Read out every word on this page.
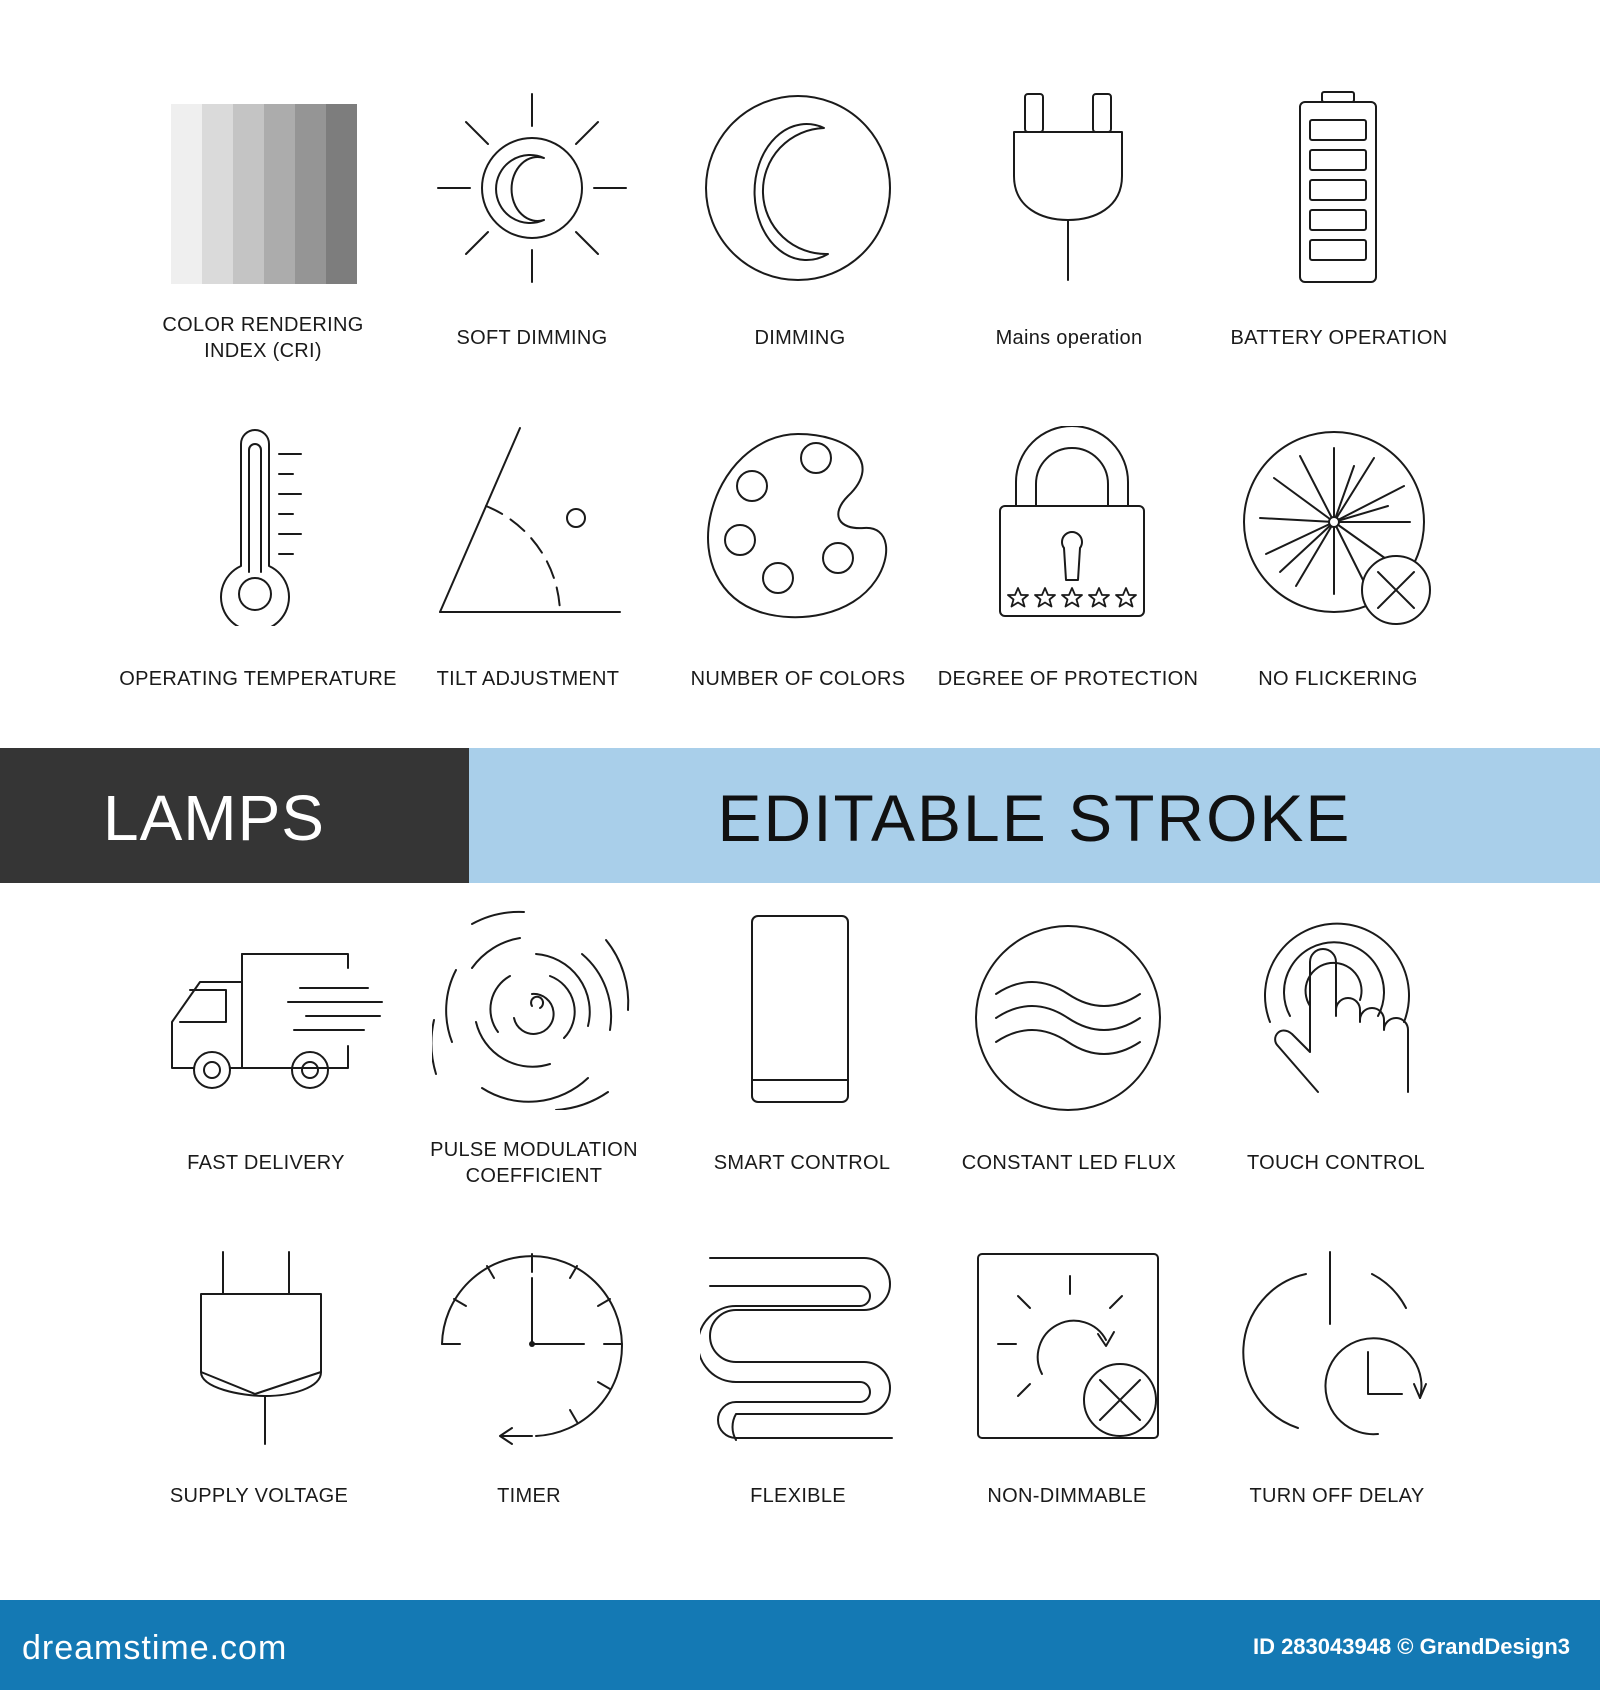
COLOR RENDERING
INDEX (CRI)
SOFT DIMMING	DIMMING	Mains operation	BATTERY OPERATION
OPERATING TEMPERATURE	TILT ADJUSTMENT	NUMBER OF COLORS	DEGREE OF PROTECTION	NO FLICKERING
LAMPS	EDITABLE STROKE
FAST DELIVERY
PULSE MODULATION
COEFFICIENT
SMART CONTROL	CONSTANT LED FLUX	TOUCH CONTROL
SUPPLY VOLTAGE	TIMER	FLEXIBLE	NON-DIMMABLE	TURN OFF DELAY
dreamstime.com	ID 283043948 © GrandDesign3
